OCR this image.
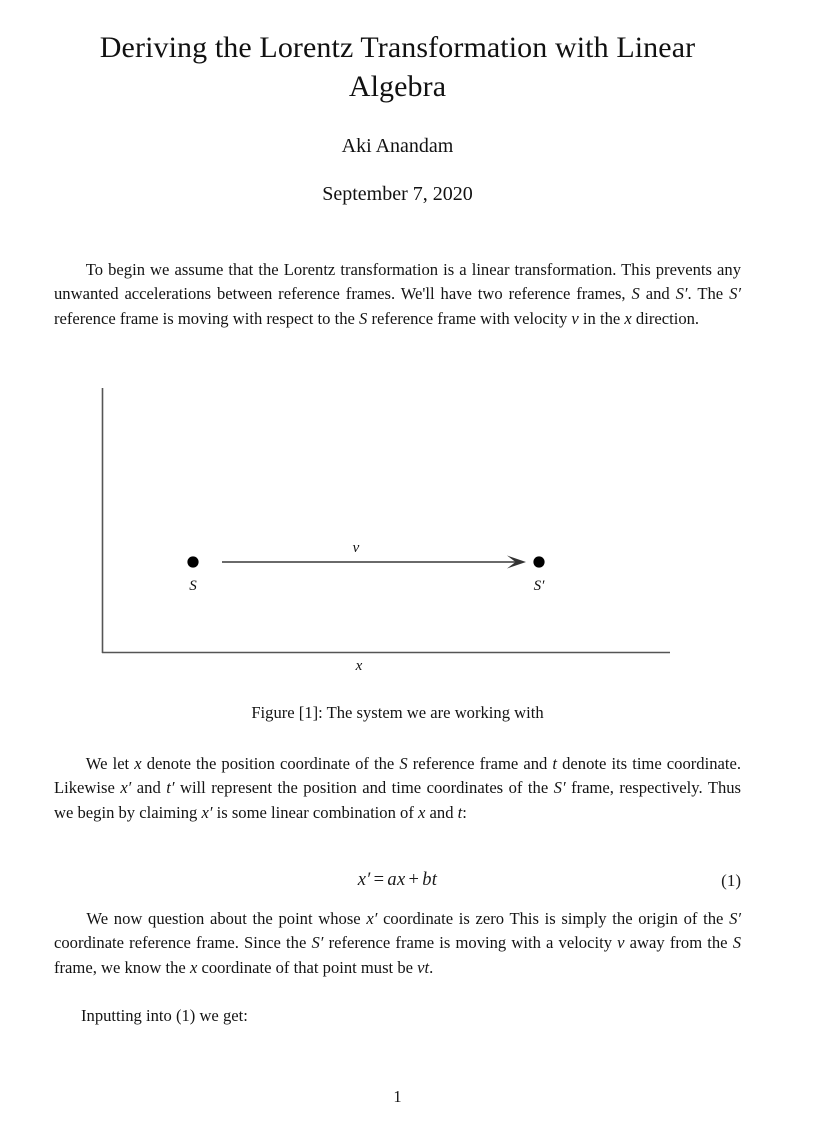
Deriving the Lorentz Transformation with Linear Algebra
Aki Anandam
September 7, 2020
To begin we assume that the Lorentz transformation is a linear transformation. This prevents any unwanted accelerations between reference frames. We'll have two reference frames, S and S′. The S′ reference frame is moving with respect to the S reference frame with velocity v in the x direction.
S	S′
v
x
Figure [1]: The system we are working with
We let x denote the position coordinate of the S reference frame and t denote its time coordinate. Likewise x′ and t′ will represent the position and time coordinates of the S′ frame, respectively. Thus we begin by claiming x′ is some linear combination of x and t:
x′ = ax + bt	(1)
We now question about the point whose x′ coordinate is zero This is simply the origin of the S′ coordinate reference frame. Since the S′ reference frame is moving with a velocity v away from the S frame, we know the x coordinate of that point must be vt.
Inputting into (1) we get:
1
